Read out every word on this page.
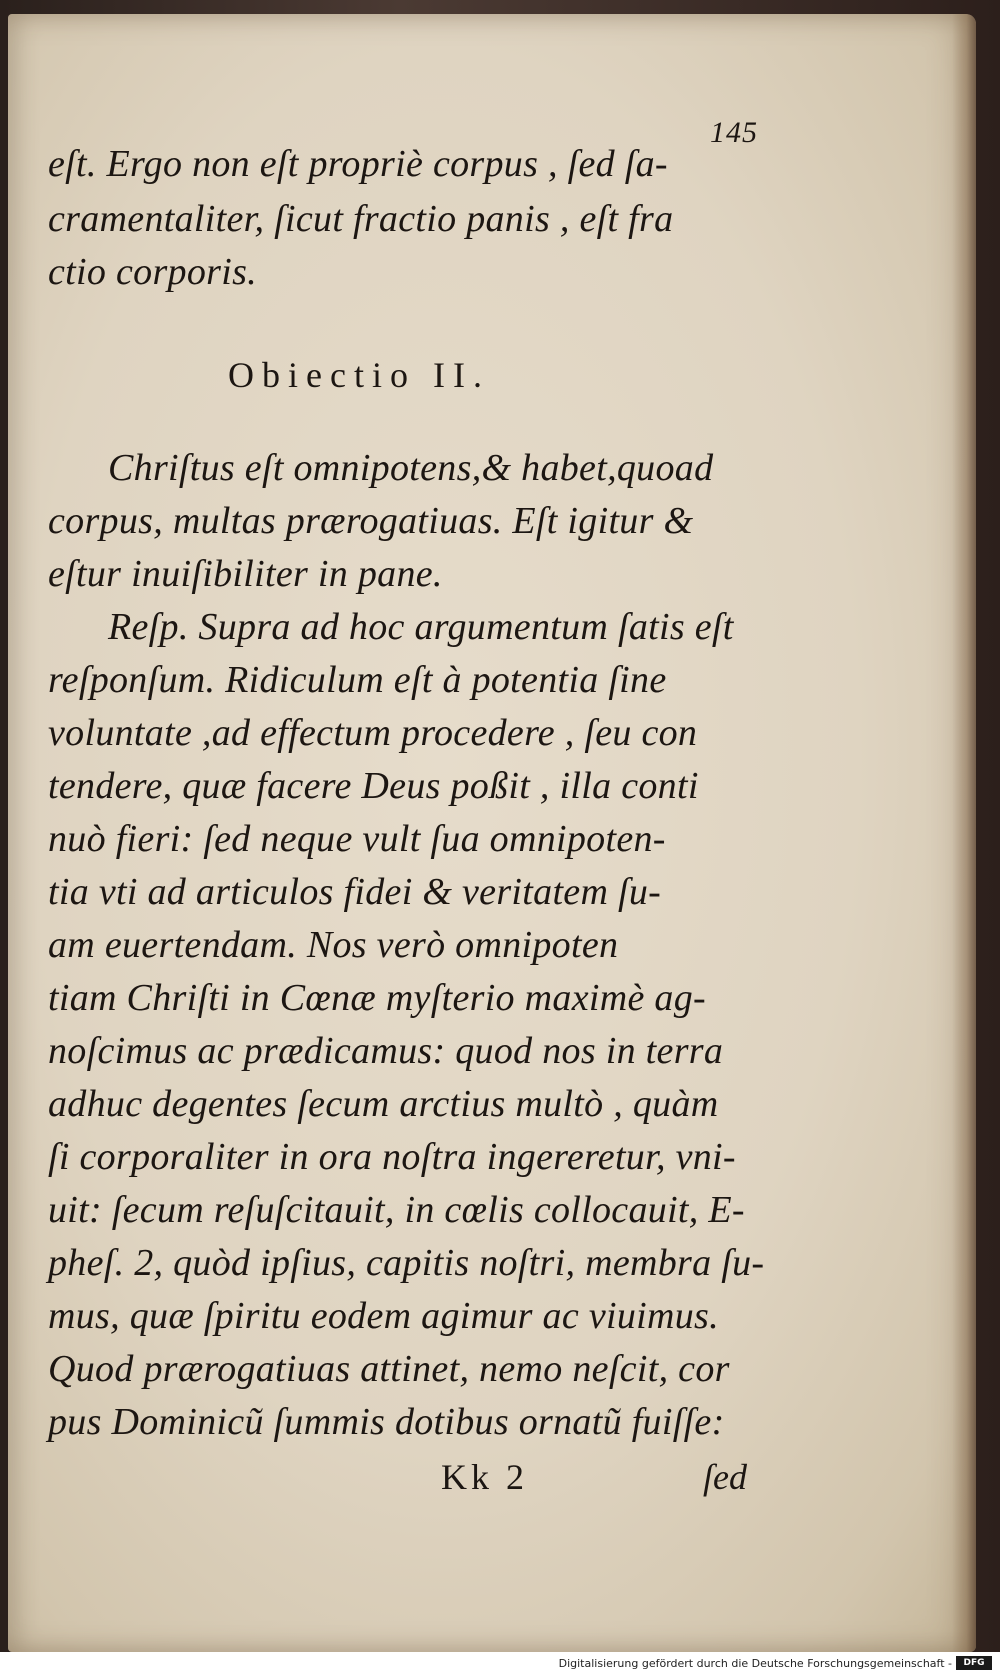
145
eſt. Ergo non eſt propriè corpus , ſed ſa-
cramentaliter, ſicut fractio panis , eſt fra
ctio corporis.
Obiectio II.
Chriſtus eſt omnipotens,& habet,quoad
corpus, multas prærogatiuas. Eſt igitur &
eſtur inuiſibiliter in pane.
Reſp. Supra ad hoc argumentum ſatis eſt
reſponſum. Ridiculum eſt à potentia ſine
voluntate ,ad effectum procedere , ſeu con
tendere, quæ facere Deus poßit , illa conti
nuò fieri: ſed neque vult ſua omnipoten-
tia vti ad articulos fidei & veritatem ſu-
am euertendam. Nos verò omnipoten
tiam Chriſti in Cœnæ myſterio maximè ag-
noſcimus ac prædicamus: quod nos in terra
adhuc degentes ſecum arctius multò , quàm
ſi corporaliter in ora noſtra ingereretur, vni-
uit: ſecum reſuſcitauit, in cœlis collocauit, E-
pheſ. 2, quòd ipſius, capitis noſtri, membra ſu-
mus, quæ ſpiritu eodem agimur ac viuimus.
Quod prærogatiuas attinet, nemo neſcit, cor
pus Dominicũ ſummis dotibus ornatũ fuiſſe:
Kk 2	ſed
Digitalisierung gefördert durch die Deutsche Forschungsgemeinschaft -	DFG
